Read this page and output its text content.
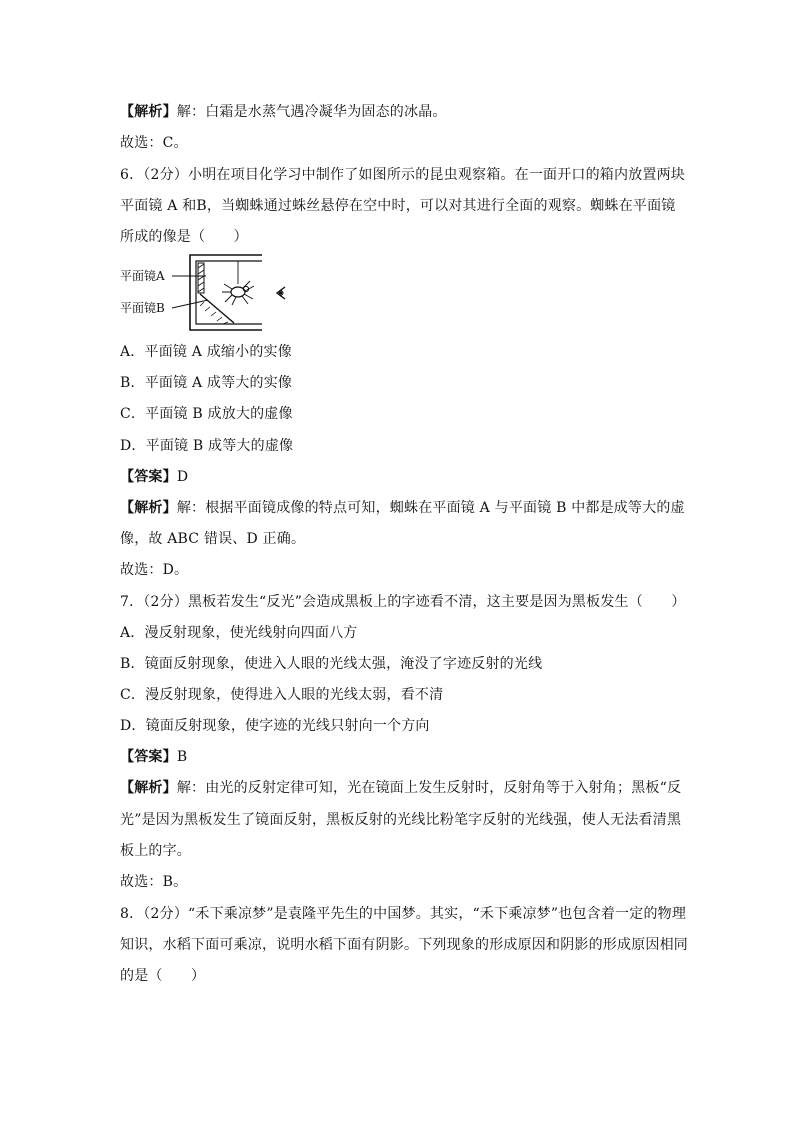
【解析】解：白霜是水蒸气遇冷凝华为固态的冰晶。
故选：C。
6．（2分）小明在项目化学习中制作了如图所示的昆虫观察箱。在一面开口的箱内放置两块
平面镜 A 和B，当蜘蛛通过蛛丝悬停在空中时，可以对其进行全面的观察。蜘蛛在平面镜
所成的像是（　　）
平面镜A
平面镜B
A．平面镜 A 成缩小的实像
B．平面镜 A 成等大的实像
C．平面镜 B 成放大的虚像
D．平面镜 B 成等大的虚像
【答案】D
【解析】解：根据平面镜成像的特点可知，蜘蛛在平面镜 A 与平面镜 B 中都是成等大的虚
像，故 ABC 错误、D 正确。
故选：D。
7．（2分）黑板若发生“反光”会造成黑板上的字迹看不清，这主要是因为黑板发生（　　）
A．漫反射现象，使光线射向四面八方
B．镜面反射现象，使进入人眼的光线太强，淹没了字迹反射的光线
C．漫反射现象，使得进入人眼的光线太弱，看不清
D．镜面反射现象，使字迹的光线只射向一个方向
【答案】B
【解析】解：由光的反射定律可知，光在镜面上发生反射时，反射角等于入射角；黑板“反
光”是因为黑板发生了镜面反射，黑板反射的光线比粉笔字反射的光线强，使人无法看清黑
板上的字。
故选：B。
8．（2分）“禾下乘凉梦”是袁隆平先生的中国梦。其实，“禾下乘凉梦”也包含着一定的物理
知识，水稻下面可乘凉，说明水稻下面有阴影。下列现象的形成原因和阴影的形成原因相同
的是（　　）
